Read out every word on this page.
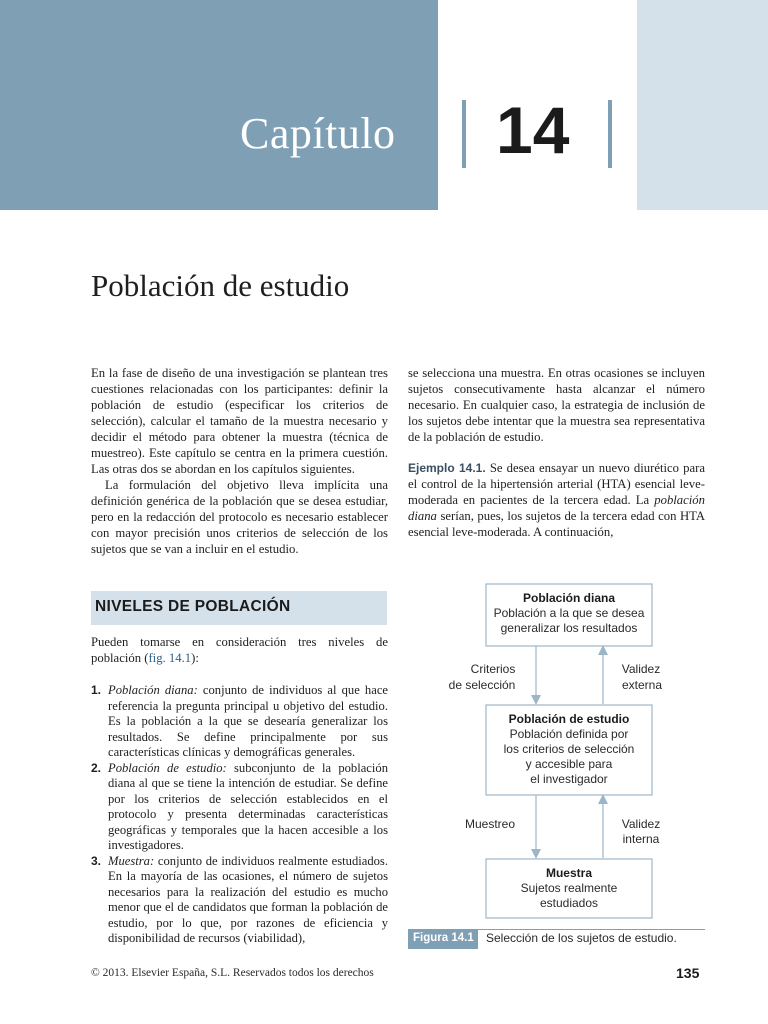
Capítulo 14
Población de estudio

En la fase de diseño de una investigación se plantean tres cuestiones relacionadas con los participantes: definir la población de estudio (especificar los criterios de selección), calcular el tamaño de la muestra necesario y decidir el método para obtener la muestra (técnica de muestreo). Este capítulo se centra en la primera cuestión. Las otras dos se abordan en los capítulos siguientes.

La formulación del objetivo lleva implícita una definición genérica de la población que se desea estudiar, pero en la redacción del protocolo es necesario establecer con mayor precisión unos criterios de selección de los sujetos que se van a incluir en el estudio.

se selecciona una muestra. En otras ocasiones se incluyen sujetos consecutivamente hasta alcanzar el número necesario. En cualquier caso, la estrategia de inclusión de los sujetos debe intentar que la muestra sea representativa de la población de estudio.

Ejemplo 14.1. Se desea ensayar un nuevo diurético para el control de la hipertensión arterial (HTA) esencial leve-moderada en pacientes de la tercera edad. La población diana serían, pues, los sujetos de la tercera edad con HTA esencial leve-moderada. A continuación,

NIVELES DE POBLACIÓN

Pueden tomarse en consideración tres niveles de población (fig. 14.1):

1. Población diana: conjunto de individuos al que hace referencia la pregunta principal u objetivo del estudio. Es la población a la que se desearía generalizar los resultados. Se define principalmente por sus características clínicas y demográficas generales.
2. Población de estudio: subconjunto de la población diana al que se tiene la intención de estudiar. Se define por los criterios de selección establecidos en el protocolo y presenta determinadas características geográficas y temporales que la hacen accesible a los investigadores.
3. Muestra: conjunto de individuos realmente estudiados. En la mayoría de las ocasiones, el número de sujetos necesarios para la realización del estudio es mucho menor que el de candidatos que forman la población de estudio, por lo que, por razones de eficiencia y disponibilidad de recursos (viabilidad),
Población diana
Población a la que se desea
generalizar los resultados
Criterios
de selección
Validez
externa
Población de estudio
Población definida por
los criterios de selección
y accesible para
el investigador
Muestreo	Validez
interna
Muestra
Sujetos realmente
estudiados
Figura 14.1 Selección de los sujetos de estudio.
© 2013. Elsevier España, S.L. Reservados todos los derechos	135
